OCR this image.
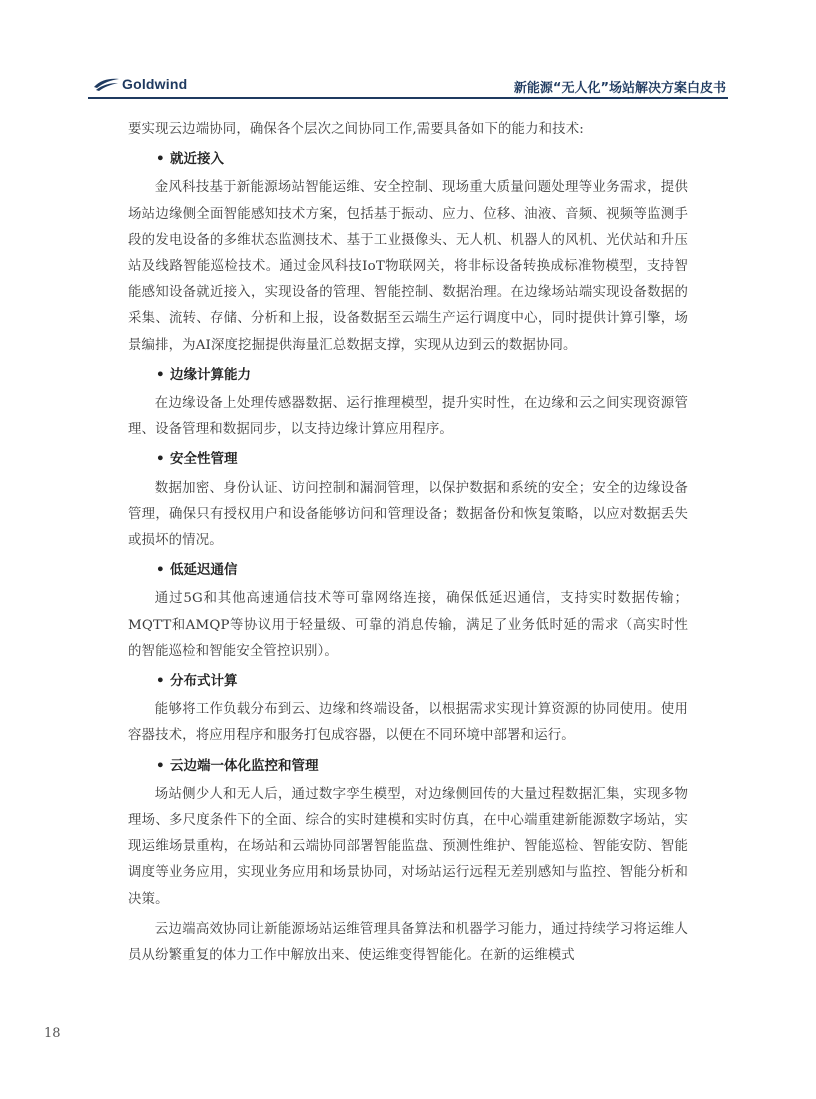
Goldwind	新能源“无人化”场站解决方案白皮书

要实现云边端协同，确保各个层次之间协同工作,需要具备如下的能力和技术:

• 就近接入

金风科技基于新能源场站智能运维、安全控制、现场重大质量问题处理等业务需求，提供场站边缘侧全面智能感知技术方案，包括基于振动、应力、位移、油液、音频、视频等监测手段的发电设备的多维状态监测技术、基于工业摄像头、无人机、机器人的风机、光伏站和升压站及线路智能巡检技术。通过金风科技IoT物联网关，将非标设备转换成标准物模型，支持智能感知设备就近接入，实现设备的管理、智能控制、数据治理。在边缘场站端实现设备数据的采集、流转、存储、分析和上报，设备数据至云端生产运行调度中心，同时提供计算引擎，场景编排，为AI深度挖掘提供海量汇总数据支撑，实现从边到云的数据协同。

• 边缘计算能力

在边缘设备上处理传感器数据、运行推理模型，提升实时性，在边缘和云之间实现资源管理、设备管理和数据同步，以支持边缘计算应用程序。

• 安全性管理

数据加密、身份认证、访问控制和漏洞管理，以保护数据和系统的安全；安全的边缘设备管理，确保只有授权用户和设备能够访问和管理设备；数据备份和恢复策略，以应对数据丢失或损坏的情况。

• 低延迟通信

通过5G和其他高速通信技术等可靠网络连接，确保低延迟通信，支持实时数据传输；MQTT和AMQP等协议用于轻量级、可靠的消息传输，满足了业务低时延的需求（高实时性的智能巡检和智能安全管控识别）。

• 分布式计算

能够将工作负载分布到云、边缘和终端设备，以根据需求实现计算资源的协同使用。使用容器技术，将应用程序和服务打包成容器，以便在不同环境中部署和运行。

• 云边端一体化监控和管理

场站侧少人和无人后，通过数字孪生模型，对边缘侧回传的大量过程数据汇集，实现多物理场、多尺度条件下的全面、综合的实时建模和实时仿真，在中心端重建新能源数字场站，实现运维场景重构，在场站和云端协同部署智能监盘、预测性维护、智能巡检、智能安防、智能调度等业务应用，实现业务应用和场景协同，对场站运行远程无差别感知与监控、智能分析和决策。

云边端高效协同让新能源场站运维管理具备算法和机器学习能力，通过持续学习将运维人员从纷繁重复的体力工作中解放出来、使运维变得智能化。在新的运维模式

18
